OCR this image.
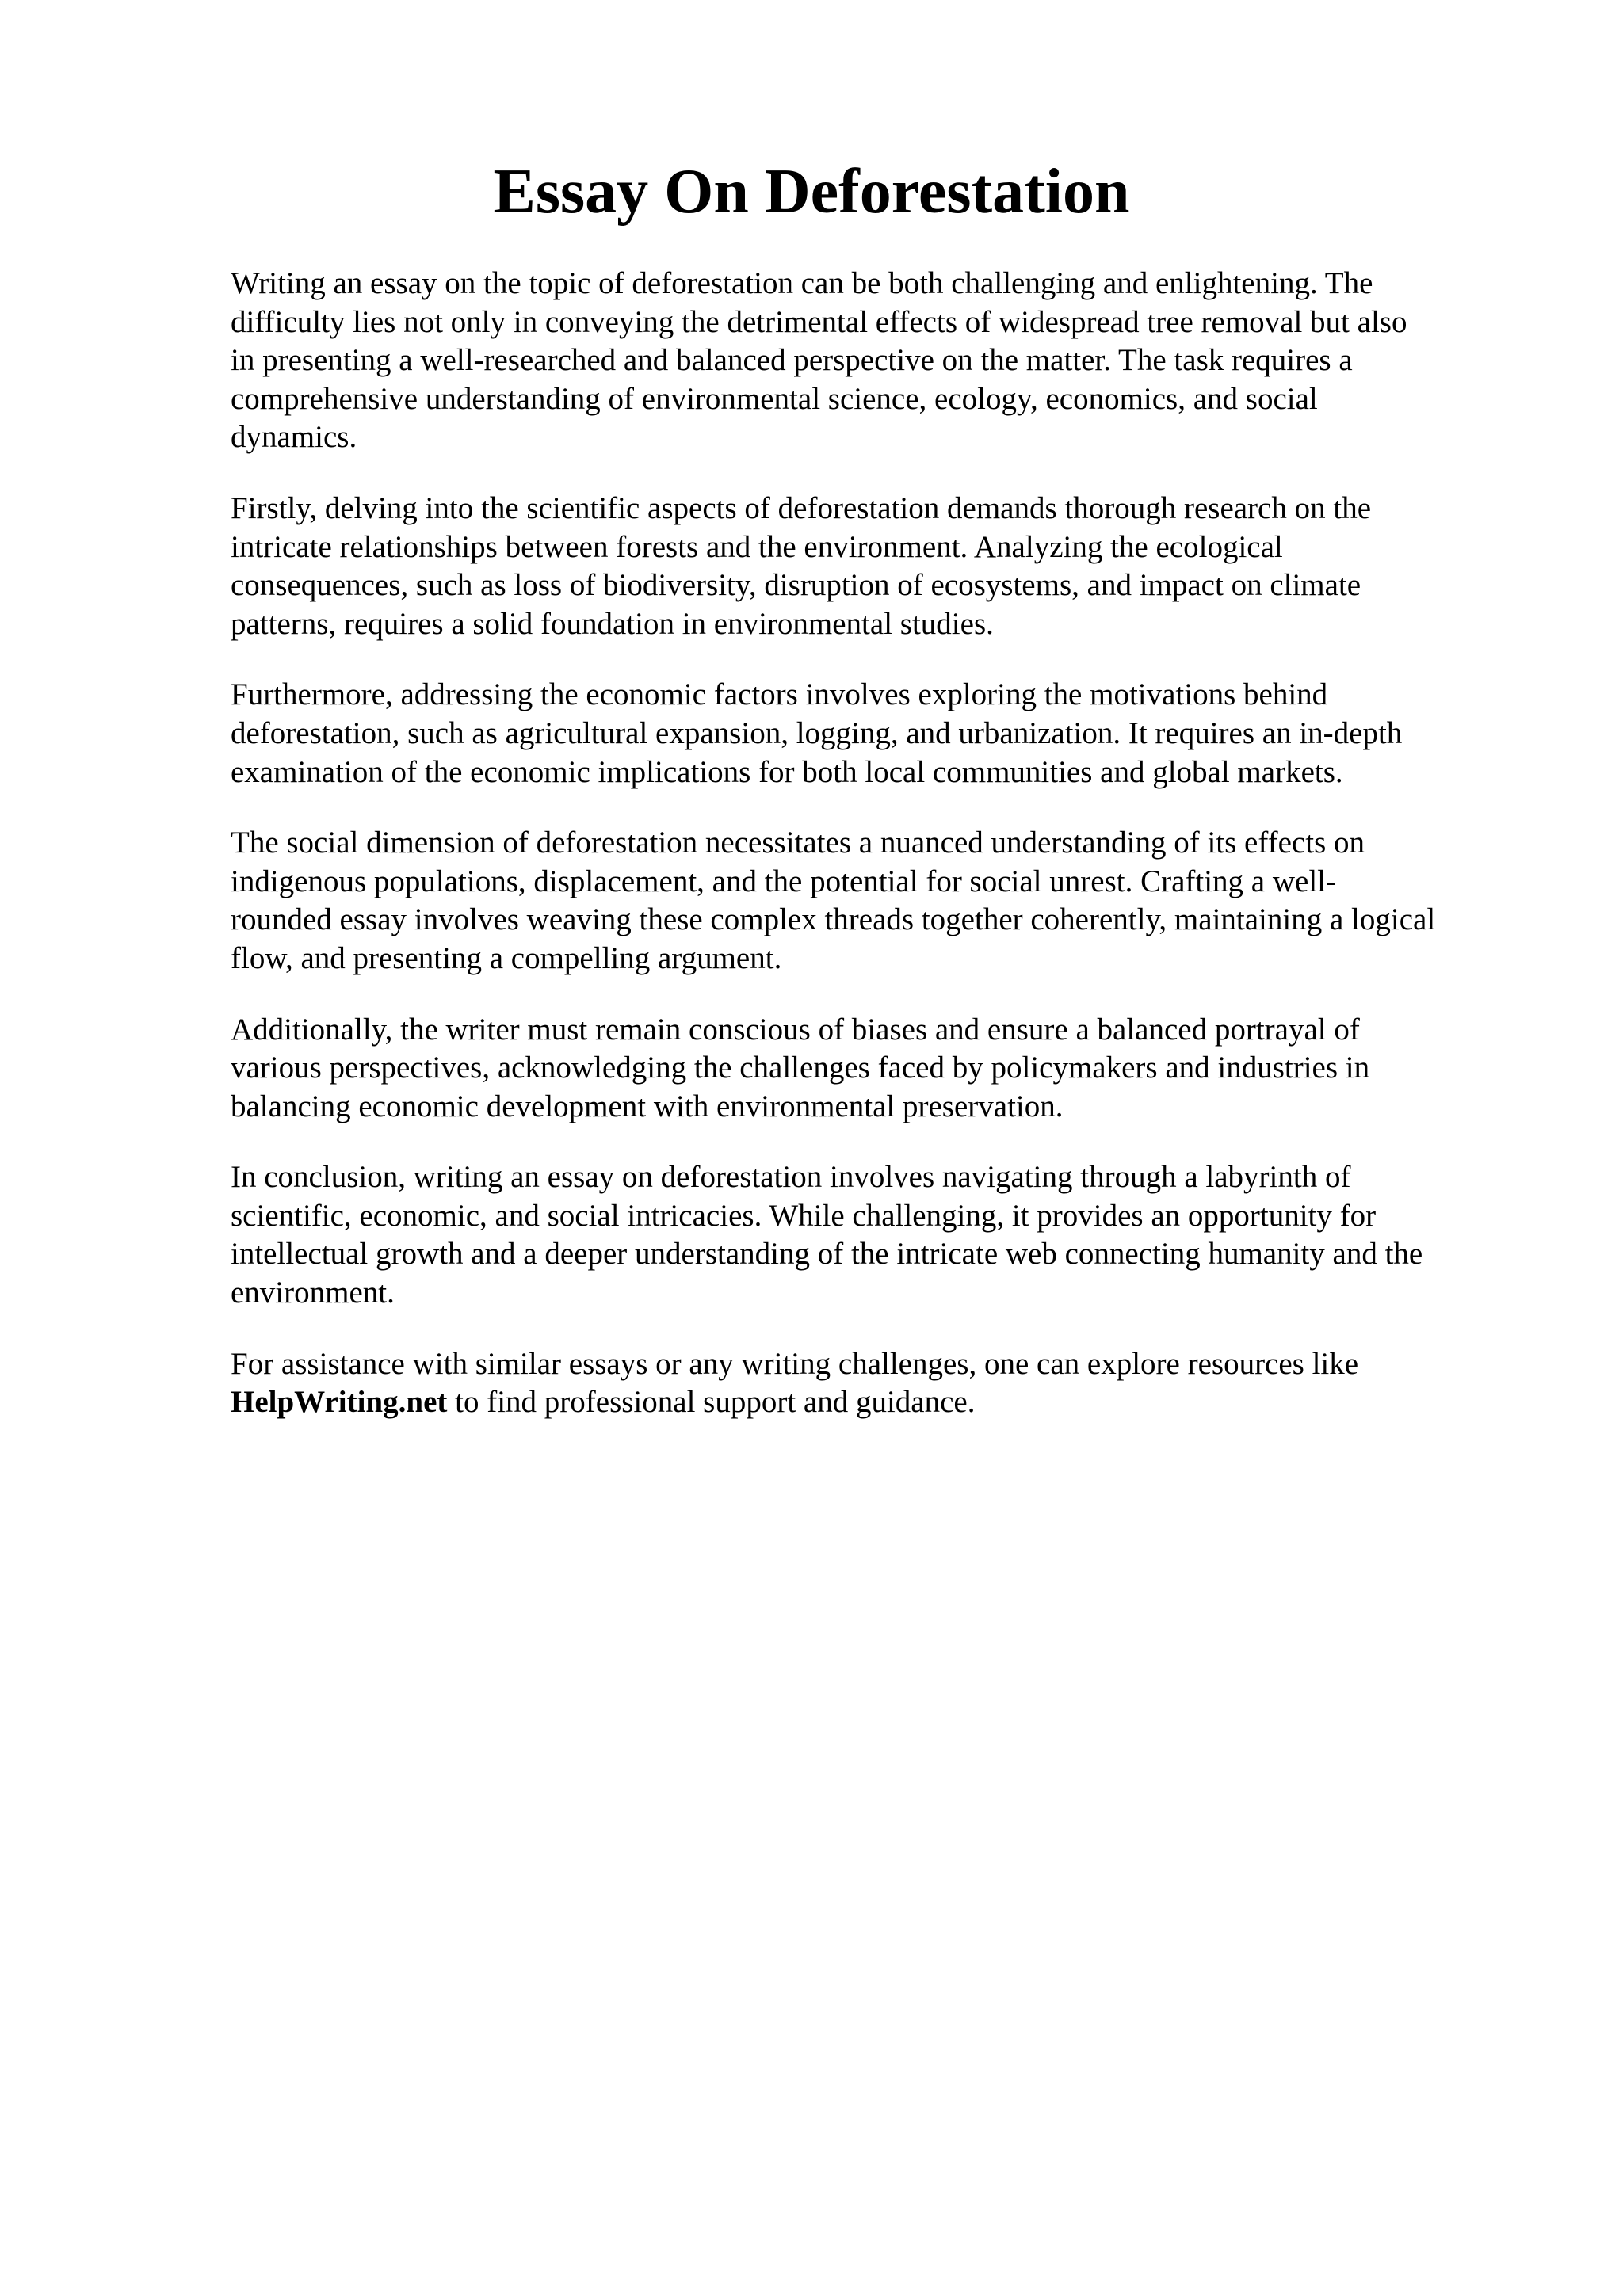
Essay On Deforestation

Writing an essay on the topic of deforestation can be both challenging and enlightening. The
difficulty lies not only in conveying the detrimental effects of widespread tree removal but also
in presenting a well-researched and balanced perspective on the matter. The task requires a
comprehensive understanding of environmental science, ecology, economics, and social
dynamics.

Firstly, delving into the scientific aspects of deforestation demands thorough research on the
intricate relationships between forests and the environment. Analyzing the ecological
consequences, such as loss of biodiversity, disruption of ecosystems, and impact on climate
patterns, requires a solid foundation in environmental studies.

Furthermore, addressing the economic factors involves exploring the motivations behind
deforestation, such as agricultural expansion, logging, and urbanization. It requires an in-depth
examination of the economic implications for both local communities and global markets.

The social dimension of deforestation necessitates a nuanced understanding of its effects on
indigenous populations, displacement, and the potential for social unrest. Crafting a well-
rounded essay involves weaving these complex threads together coherently, maintaining a logical
flow, and presenting a compelling argument.

Additionally, the writer must remain conscious of biases and ensure a balanced portrayal of
various perspectives, acknowledging the challenges faced by policymakers and industries in
balancing economic development with environmental preservation.

In conclusion, writing an essay on deforestation involves navigating through a labyrinth of
scientific, economic, and social intricacies. While challenging, it provides an opportunity for
intellectual growth and a deeper understanding of the intricate web connecting humanity and the
environment.

For assistance with similar essays or any writing challenges, one can explore resources like
HelpWriting.net to find professional support and guidance.
